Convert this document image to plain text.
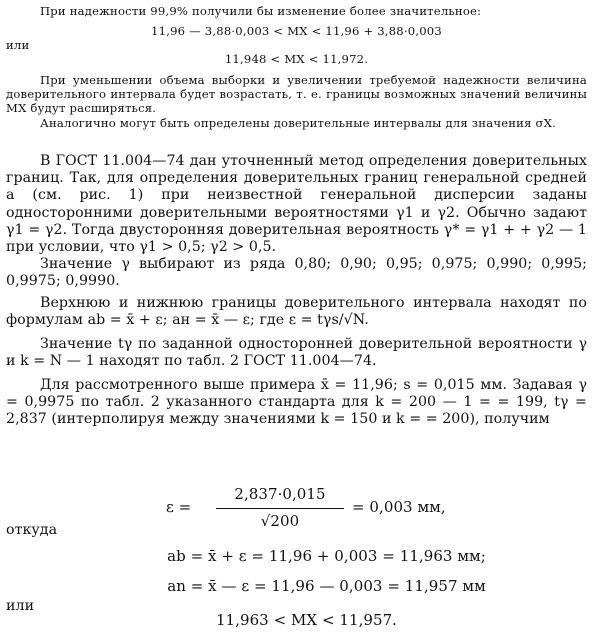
При надежности 99,9% получили бы изменение более значительное:

11,96 — 3,88·0,003 < MX < 11,96 + 3,88·0,003

или

11,948 < MX < 11,972.

При уменьшении объема выборки и увеличении требуемой надежности величина доверительного интервала будет возрастать, т. е. границы возможных значений величины MX будут расширяться.

Аналогично могут быть определены доверительные интервалы для значения σX.

В ГОСТ 11.004—74 дан уточненный метод определения доверительных границ. Так, для определения доверительных границ генеральной средней a (см. рис. 1) при неизвестной генеральной дисперсии заданы односторонними доверительными вероятностями γ1 и γ2. Обычно задают γ1 = γ2. Тогда двусторонняя доверительная вероятность γ* = γ1 + + γ2 — 1 при условии, что γ1 > 0,5; γ2 > 0,5.

Значение γ выбирают из ряда 0,80; 0,90; 0,95; 0,975; 0,990; 0,995; 0,9975; 0,9990.

Верхнюю и нижнюю границы доверительного интервала находят по формулам ab = x̄ + ε; aн = x̄ — ε; где ε = tγs/√N.

Значение tγ по заданной односторонней доверительной вероятности γ и k = N — 1 находят по табл. 2 ГОСТ 11.004—74.

Для рассмотренного выше примера x̄ = 11,96; s = 0,015 мм. Задавая γ = 0,9975 по табл. 2 указанного стандарта для k = 200 — 1 = = 199, tγ = 2,837 (интерполируя между значениями k = 150 и k = = 200), получим

ε =
2,837·0,015
√200
= 0,003 мм,

откуда

ab = x̄ + ε = 11,96 + 0,003 = 11,963 мм;

an = x̄ — ε = 11,96 — 0,003 = 11,957 мм

или

11,963 < MX < 11,957.
